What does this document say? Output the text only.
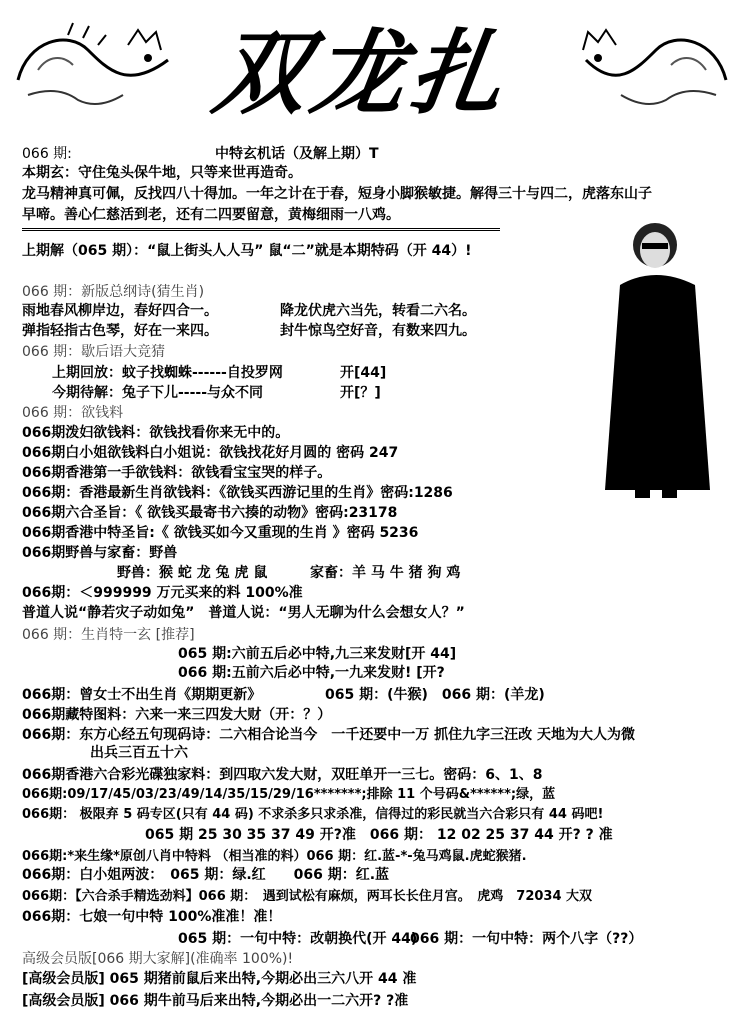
双龙扎
066 期:	中特玄机话（及解上期）T
本期玄：守住兔头保牛地，只等来世再造奇。
龙马精神真可佩，反找四八十得加。一年之计在于春，短身小脚猴敏捷。解得三十与四二，虎落东山子
早啼。善心仁慈活到老，还有二四要留意，黄梅细雨一八鸡。
上期解（065 期）：“鼠上街头人人马” 鼠“二”就是本期特码（开 44）!
066 期：新版总纲诗(猜生肖)
雨地春风柳岸边，春好四合一。	降龙伏虎六当先，转看二六名。
弹指轻指古色琴，好在一来四。	封牛惊鸟空好音，有数来四九。
066 期：歇后语大竞猜
上期回放：蚊子找蜘蛛------自投罗网	开[44]
今期待解：兔子下儿-----与众不同	开[？]
066 期：欲钱料
066期泼妇欲钱料：欲钱找看你来无中的。
066期白小姐欲钱料白小姐说：欲钱找花好月圆的 密码 247
066期香港第一手欲钱料：欲钱看宝宝哭的样子。
066期：香港最新生肖欲钱料：《欲钱买西游记里的生肖》密码:1286
066期六合圣旨：《 欲钱买最寄书六揍的动物》密码:23178
066期香港中特圣旨:《 欲钱买如今又重现的生肖 》密码 5236
066期野兽与家畜：野兽
野兽：猴 蛇 龙 兔 虎 鼠	家畜：羊 马 牛 猪 狗 鸡
066期：＜999999 万元买来的料 100%准
普道人说“静若灾子动如兔”　普道人说：“男人无聊为什么会想女人？”
066 期：生肖特一玄 [推荐]
065 期:六前五后必中特,九三来发财[开 44]
066 期:五前六后必中特,一九来发财! [开?
066期：曾女士不出生肖《期期更新》	065 期：(牛猴)　066 期：(羊龙)
066期藏特图料：六来一来三四发大财（开：？）
066期：东方心经五句现码诗：二六相合论当今　一千还要中一万 抓住九字三汪改 天地为大人为微
出兵三百五十六
066期香港六合彩光碟独家料：到四取六发大财，双旺单开一三七。密码：6、1、8
066期:09/17/45/03/23/49/14/35/15/29/16*******;排除 11 个号码&******;绿，蓝
066期： 极限弃 5 码专区(只有 44 码) 不求杀多只求杀准，信得过的彩民就当六合彩只有 44 码吧!
065 期 25 30 35 37 49 开?准　066 期： 12 02 25 37 44 开? ? 准
066期:*来生缘*原创八肖中特料 （相当准的料）066 期：红.蓝-*-兔马鸡鼠.虎蛇猴猪.
066期：白小姐两波：　065 期：绿.红　　066 期：红.蓝
066期：【六合杀手精选劲料】066 期：　遇到试松有麻烦，两耳长长住月宫。　虎鸡　72034 大双
066期：七娘一句中特 100%准准！准！
065 期：一句中特：改朝换代(开 44)
066 期：一句中特：两个八字（??）
高级会员版[066 期大家解](准确率 100%)!
[高级会员版] 065 期猪前鼠后来出特,今期必出三六八开 44 准
[高级会员版] 066 期牛前马后来出特,今期必出一二六开? ?准
